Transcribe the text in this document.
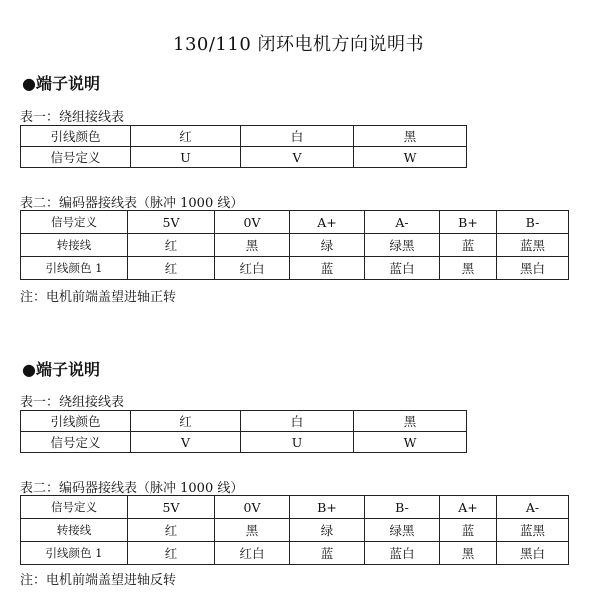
130/110 闭环电机方向说明书
●端子说明
表一：绕组接线表
引线颜色	红	白	黑
信号定义	U	V	W
表二：编码器接线表（脉冲 1000 线）
信号定义	5V	0V	A+	A-	B+	B-
转接线	红	黑	绿	绿黑	蓝	蓝黑
引线颜色 1	红	红白	蓝	蓝白	黑	黑白
注：电机前端盖望进轴正转
●端子说明
表一：绕组接线表
引线颜色	红	白	黑
信号定义	V	U	W
表二：编码器接线表（脉冲 1000 线）
信号定义	5V	0V	B+	B-	A+	A-
转接线	红	黑	绿	绿黑	蓝	蓝黑
引线颜色 1	红	红白	蓝	蓝白	黑	黑白
注：电机前端盖望进轴反转
